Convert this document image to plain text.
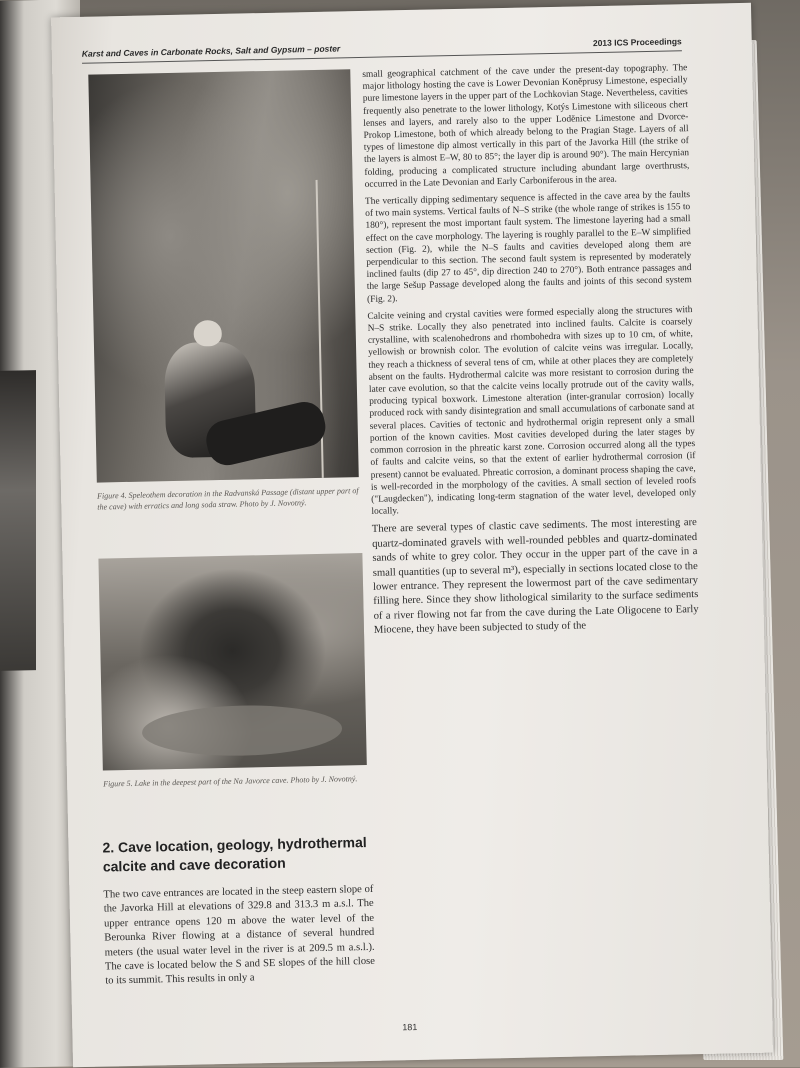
Karst and Caves in Carbonate Rocks, Salt and Gypsum – poster
2013 ICS Proceedings
Figure 4. Speleothem decoration in the Radvanská Passage (distant upper part of the cave) with erratics and long soda straw. Photo by J. Novotný.
Figure 5. Lake in the deepest part of the Na Javorce cave. Photo by J. Novotný.
2. Cave location, geology, hydrothermal calcite and cave decoration
The two cave entrances are located in the steep eastern slope of the Javorka Hill at elevations of 329.8 and 313.3 m a.s.l. The upper entrance opens 120 m above the water level of the Berounka River flowing at a distance of several hundred meters (the usual water level in the river is at 209.5 m a.s.l.). The cave is located below the S and SE slopes of the hill close to its summit. This results in only a

small geographical catchment of the cave under the present-day topography. The major lithology hosting the cave is Lower Devonian Koněprusy Limestone, especially pure limestone layers in the upper part of the Lochkovian Stage. Nevertheless, cavities frequently also penetrate to the lower lithology, Kotýs Limestone with siliceous chert lenses and layers, and rarely also to the upper Lodĕnice Limestone and Dvorce-Prokop Limestone, both of which already belong to the Pragian Stage. Layers of all types of limestone dip almost vertically in this part of the Javorka Hill (the strike of the layers is almost E–W, 80 to 85°; the layer dip is around 90°). The main Hercynian folding, producing a complicated structure including abundant large overthrusts, occurred in the Late Devonian and Early Carboniferous in the area.

The vertically dipping sedimentary sequence is affected in the cave area by the faults of two main systems. Vertical faults of N–S strike (the whole range of strikes is 155 to 180°), represent the most important fault system. The limestone layering had a small effect on the cave morphology. The layering is roughly parallel to the E–W simplified section (Fig. 2), while the N–S faults and cavities developed along them are perpendicular to this section. The second fault system is represented by moderately inclined faults (dip 27 to 45°, dip direction 240 to 270°). Both entrance passages and the large Sešup Passage developed along the faults and joints of this second system (Fig. 2).

Calcite veining and crystal cavities were formed especially along the structures with N–S strike. Locally they also penetrated into inclined faults. Calcite is coarsely crystalline, with scalenohedrons and rhombohedra with sizes up to 10 cm, of white, yellowish or brownish color. The evolution of calcite veins was irregular. Locally, they reach a thickness of several tens of cm, while at other places they are completely absent on the faults. Hydrothermal calcite was more resistant to corrosion during the later cave evolution, so that the calcite veins locally protrude out of the cavity walls, producing typical boxwork. Limestone alteration (inter-granular corrosion) locally produced rock with sandy disintegration and small accumulations of carbonate sand at several places. Cavities of tectonic and hydrothermal origin represent only a small portion of the known cavities. Most cavities developed during the later stages by common corrosion in the phreatic karst zone. Corrosion occurred along all the types of faults and calcite veins, so that the extent of earlier hydrothermal corrosion (if present) cannot be evaluated. Phreatic corrosion, a dominant process shaping the cave, is well-recorded in the morphology of the cavities. A small section of leveled roofs ("Laugdecken"), indicating long-term stagnation of the water level, developed only locally.

There are several types of clastic cave sediments. The most interesting are quartz-dominated gravels with well-rounded pebbles and quartz-dominated sands of white to grey color. They occur in the upper part of the cave in a small quantities (up to several m³), especially in sections located close to the lower entrance. They represent the lowermost part of the cave sedimentary filling here. Since they show lithological similarity to the surface sediments of a river flowing not far from the cave during the Late Oligocene to Early Miocene, they have been subjected to study of the

181
